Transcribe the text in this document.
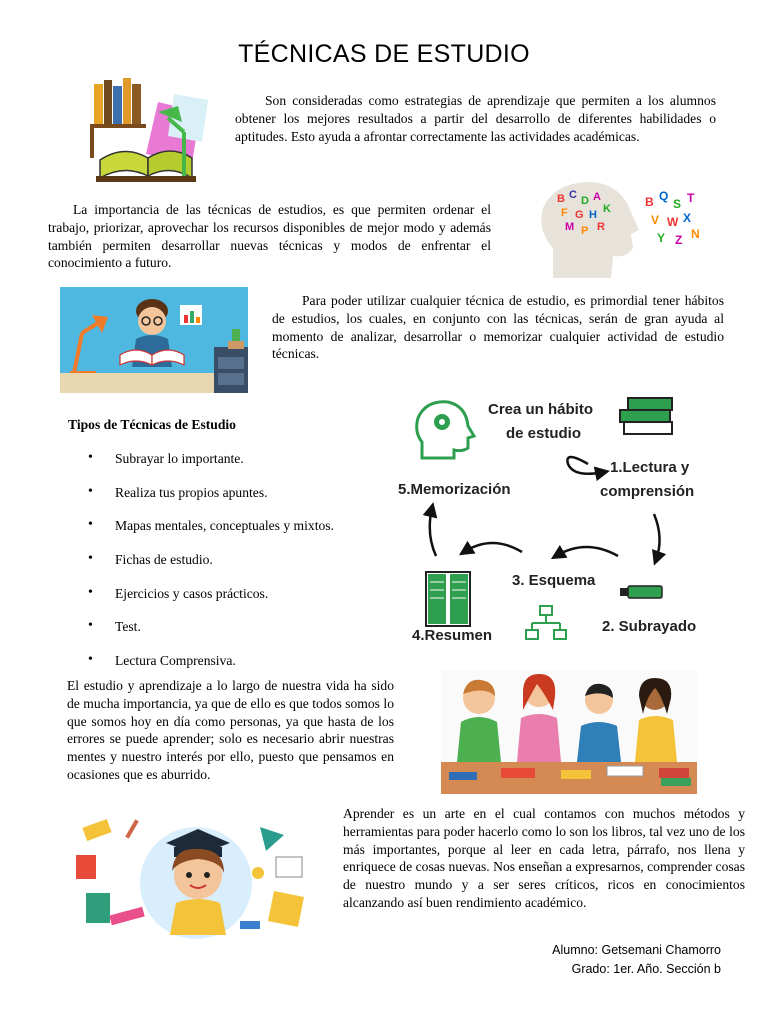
TÉCNICAS DE ESTUDIO
Son consideradas como estrategias de aprendizaje que permiten a los alumnos obtener los mejores resultados a partir del desarrollo de diferentes habilidades o aptitudes. Esto ayuda a afrontar correctamente las actividades académicas.
B C D A
F G H K
M P R
B Q
S T
V W X
Y Z N
La importancia de las técnicas de estudios, es que permiten ordenar el trabajo, priorizar, aprovechar los recursos disponibles de mejor modo y además también permiten desarrollar nuevas técnicas y modos de enfrentar el conocimiento a futuro.
Para poder utilizar cualquier técnica de estudio, es primordial tener hábitos de estudios, los cuales, en conjunto con las técnicas, serán de gran ayuda al momento de analizar, desarrollar o memorizar cualquier actividad de estudio técnicas.
Tipos de Técnicas de Estudio
• Subrayar lo importante.
• Realiza tus propios apuntes.
• Mapas mentales, conceptuales y mixtos.
• Fichas de estudio.
• Ejercicios y casos prácticos.
• Test.
• Lectura Comprensiva.
Crea un hábito
de estudio
1.Lectura y
comprensión
5.Memorización
2. Subrayado
3. Esquema
4.Resumen
El estudio y aprendizaje a lo largo de nuestra vida ha sido de mucha importancia, ya que de ello es que todos somos lo que somos hoy en día como personas, ya que hasta de los errores se puede aprender; solo es necesario abrir nuestras mentes y nuestro interés por ello, puesto que pensamos en ocasiones que es aburrido.
Aprender es un arte en el cual contamos con muchos métodos y herramientas para poder hacerlo como lo son los libros, tal vez uno de los más importantes, porque al leer en cada letra, párrafo, nos llena y enriquece de cosas nuevas. Nos enseñan a expresarnos, comprender cosas de nuestro mundo y a ser seres críticos, ricos en conocimientos alcanzando así buen rendimiento académico.
Alumno: Getsemani Chamorro
Grado: 1er. Año. Sección b
